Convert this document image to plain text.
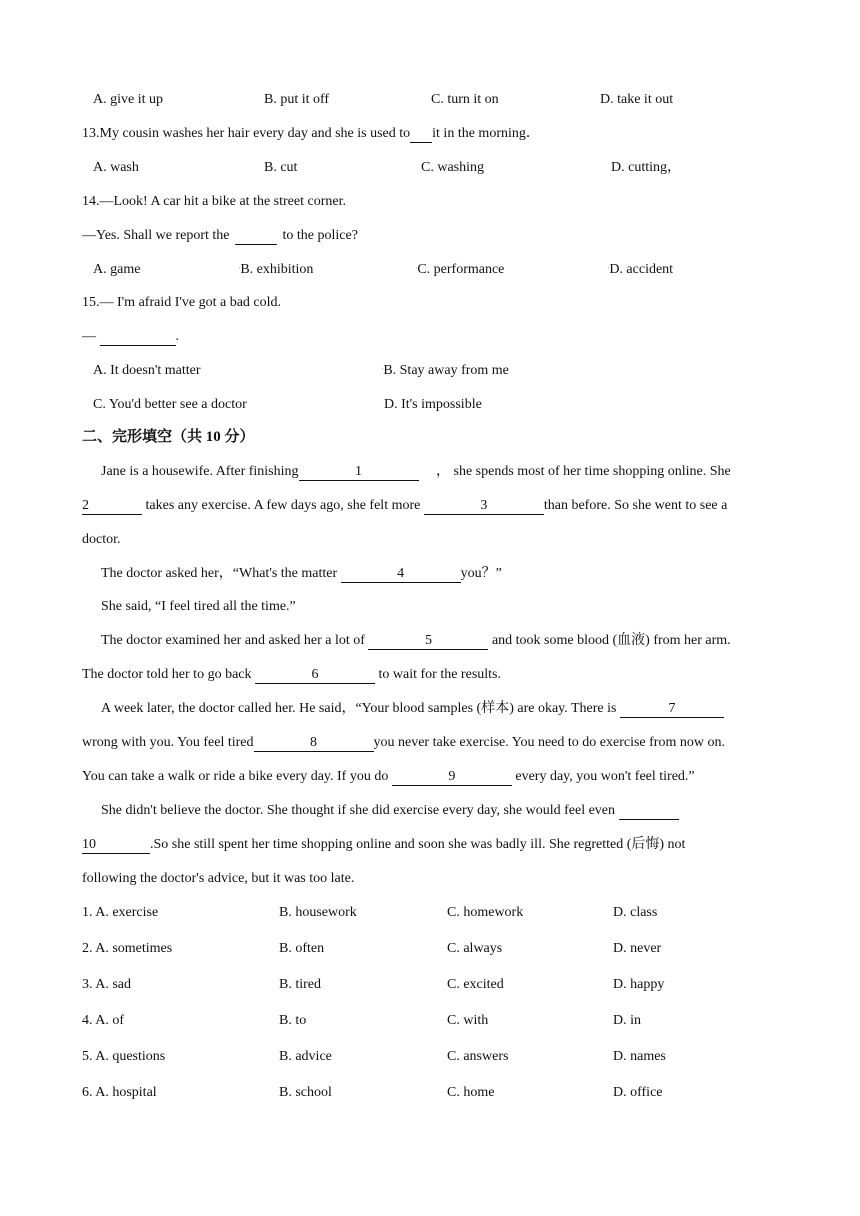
A. give it up	B. put it off	C. turn it on	D. take it out
13.My cousin washes her hair every day and she is used to it in the morning．
A. wash	B. cut	C. washing	D. cutting，
14.—Look! A car hit a bike at the street corner.
—Yes. Shall we report the	to the police?
A. game	′B. exhibition	′C. performance	′D. accident
15.— I'm afraid I've got a bad cold.
—	.
A. It doesn't matter	′B. Stay away from me
C. You'd better see a doctor	D. It's impossible
二、完形填空（共 10 分）
Jane is a housewife. After finishing	1	， she spends most of her time shopping online. She
2	takes any exercise. A few days ago, she felt more	3	than before. So she went to see a
doctor.
The doctor asked her，“What's the matter	4	you？”
She said, “I feel tired all the time.”
The doctor examined her and asked her a lot of	5	and took some blood (血液) from her arm.
The doctor told her to go back	6	to wait for the results.
A week later, the doctor called her. He said，“Your blood samples (样本) are okay. There is	7
wrong with you. You feel tired	8	you never take exercise. You need to do exercise from now on.
You can take a walk or ride a bike every day. If you do	9	every day, you won't feel tired.”
She didn't believe the doctor. She thought if she did exercise every day, she would feel even
10	.So she still spent her time shopping online and soon she was badly ill. She regretted (后悔) not
following the doctor's advice, but it was too late.
1. A. exercise	B. housework	C. homework	D. class
2. A. sometimes	B. often	C. always	D. never
3. A. sad	B. tired	C. excited	D. happy
4. A. of	B. to	C. with	D. in
5. A. questions	B. advice	C. answers	D. names
6. A. hospital	B. school	C. home	D. office
